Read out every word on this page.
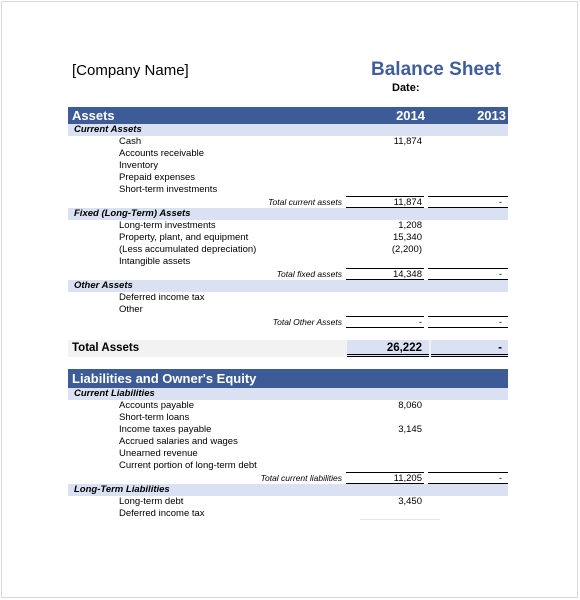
[Company Name]	Balance Sheet
Date:
Assets	2014	2013
Current Assets
Cash	11,874
Accounts receivable
Inventory
Prepaid expenses
Short-term investments
Total current assets	11,874	-
Fixed (Long-Term) Assets
Long-term investments	1,208
Property, plant, and equipment	15,340
(Less accumulated depreciation)	(2,200)
Intangible assets
Total fixed assets	14,348	-
Other Assets
Deferred income tax
Other
Total Other Assets	-	-
Total Assets	26,222	-
Liabilities and Owner's Equity
Current Liabilities
Accounts payable	8,060
Short-term loans
Income taxes payable	3,145
Accrued salaries and wages
Unearned revenue
Current portion of long-term debt
Total current liabilities	11,205	-
Long-Term Liabilities
Long-term debt	3,450
Deferred income tax
